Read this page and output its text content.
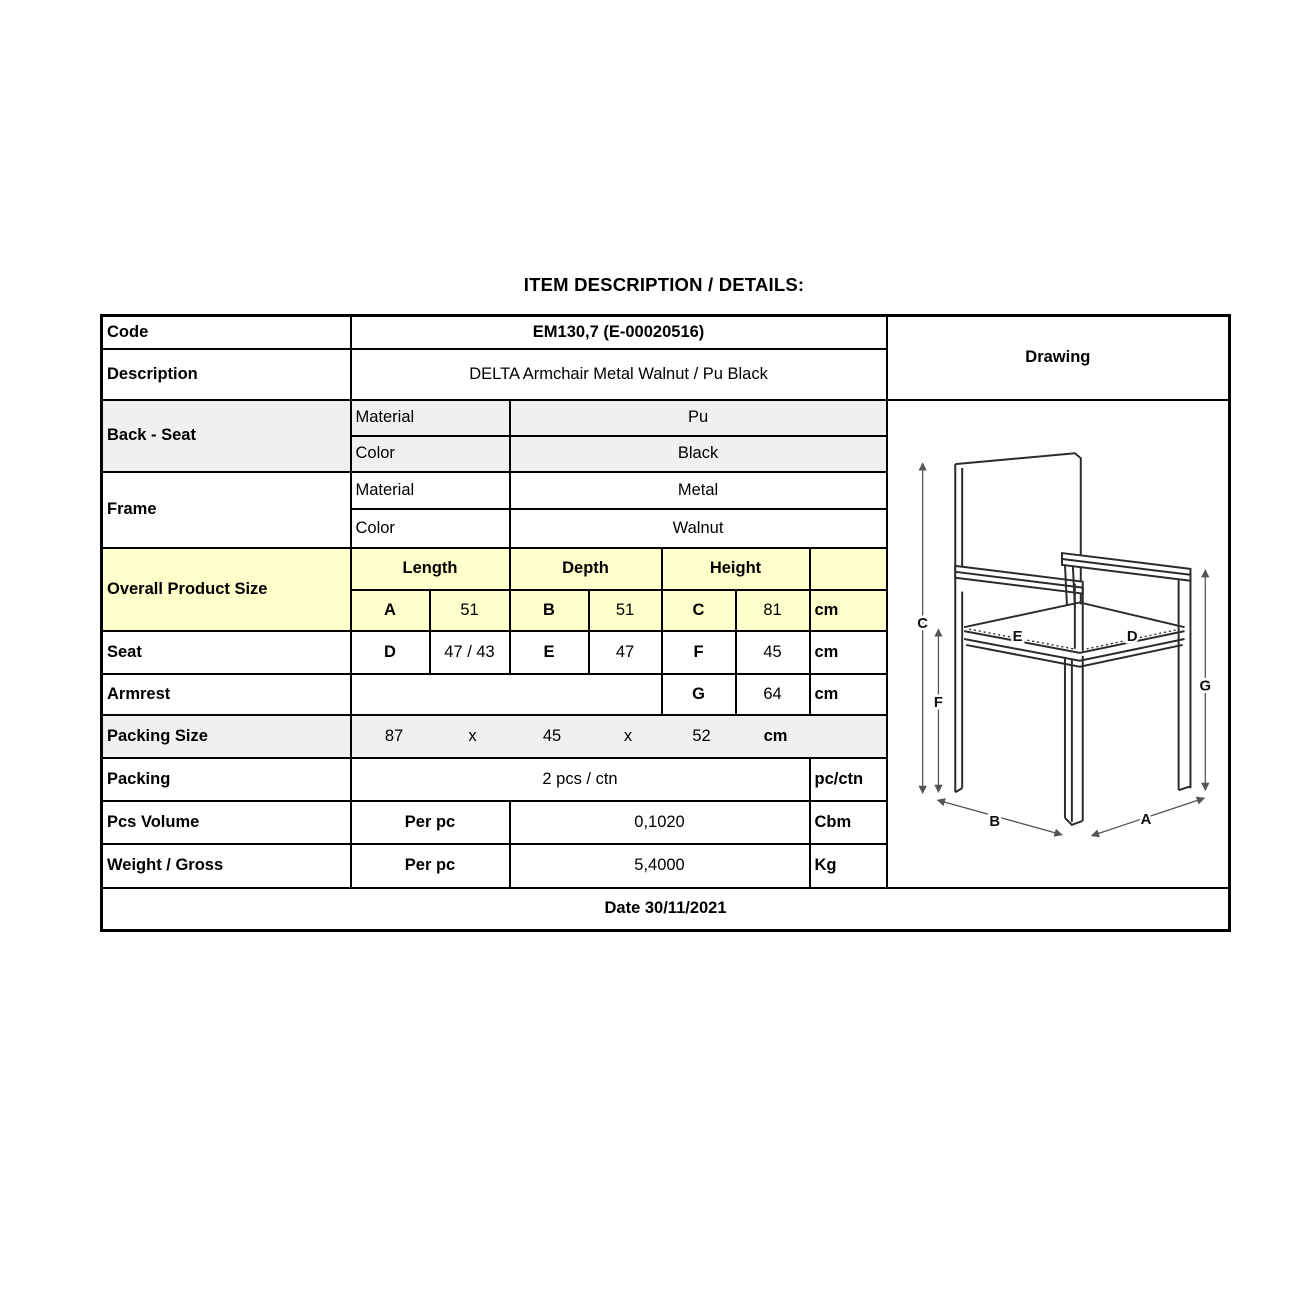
ITEM DESCRIPTION / DETAILS:
Code	EM130,7 (E-00020516)							Drawing
Description	DELTA Armchair Metal Walnut / Pu Black							
Back - Seat	Material	Pu	
C
F
G
B	A
E	D

	Color		Black					
Frame	Material		Metal					
	Color		Walnut					
Overall Product Size	Length		Depth		Height			
	A	51	B	51	C	81	cm	
Seat	D	47 / 43	E	47	F	45	cm	
Armrest					G	64	cm	
Packing Size	87	x	45	x	52	cm

Packing	2 pcs / ctn						pc/ctn	
Pcs Volume	Per pc		0,1020				Cbm	
Weight / Gross	Per pc		5,4000				Kg	
Date 30/11/2021								
